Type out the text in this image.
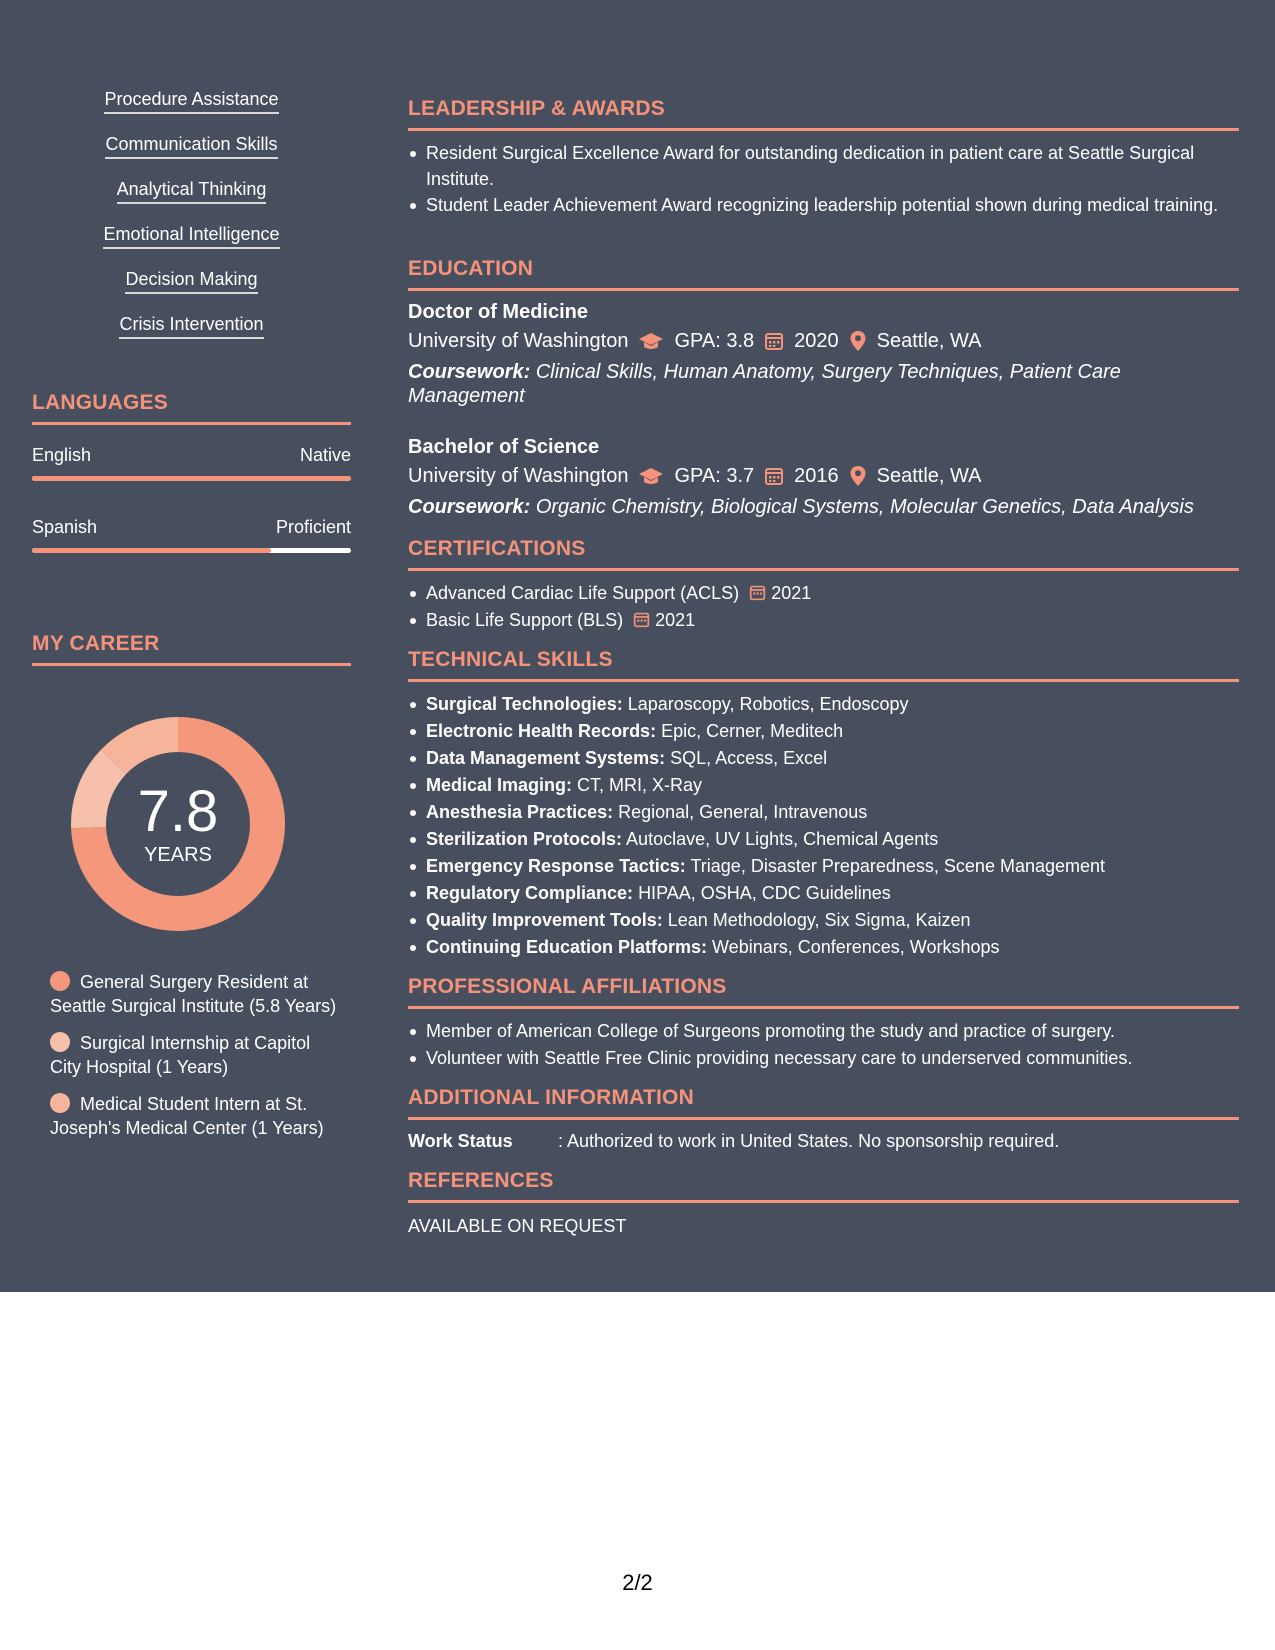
Procedure Assistance
Communication Skills
Analytical Thinking
Emotional Intelligence
Decision Making
Crisis Intervention
LANGUAGES
English	Native
Spanish	Proficient
MY CAREER
7.8
YEARS
General Surgery Resident at Seattle Surgical Institute (5.8 Years)
Surgical Internship at Capitol City Hospital (1 Years)
Medical Student Intern at St. Joseph's Medical Center (1 Years)
LEADERSHIP & AWARDS
Resident Surgical Excellence Award for outstanding dedication in patient care at Seattle Surgical Institute.
Student Leader Achievement Award recognizing leadership potential shown during medical training.
EDUCATION
Doctor of Medicine
University of Washington GPA: 3.8 2020 Seattle, WA
Coursework: Clinical Skills, Human Anatomy, Surgery Techniques, Patient Care Management
Bachelor of Science
University of Washington GPA: 3.7 2016 Seattle, WA
Coursework: Organic Chemistry, Biological Systems, Molecular Genetics, Data Analysis
CERTIFICATIONS
Advanced Cardiac Life Support (ACLS) 2021
Basic Life Support (BLS) 2021
TECHNICAL SKILLS
Surgical Technologies: Laparoscopy, Robotics, Endoscopy
Electronic Health Records: Epic, Cerner, Meditech
Data Management Systems: SQL, Access, Excel
Medical Imaging: CT, MRI, X-Ray
Anesthesia Practices: Regional, General, Intravenous
Sterilization Protocols: Autoclave, UV Lights, Chemical Agents
Emergency Response Tactics: Triage, Disaster Preparedness, Scene Management
Regulatory Compliance: HIPAA, OSHA, CDC Guidelines
Quality Improvement Tools: Lean Methodology, Six Sigma, Kaizen
Continuing Education Platforms: Webinars, Conferences, Workshops
PROFESSIONAL AFFILIATIONS
Member of American College of Surgeons promoting the study and practice of surgery.
Volunteer with Seattle Free Clinic providing necessary care to underserved communities.
ADDITIONAL INFORMATION
Work Status	: Authorized to work in United States. No sponsorship required.
REFERENCES
AVAILABLE ON REQUEST
2/2
